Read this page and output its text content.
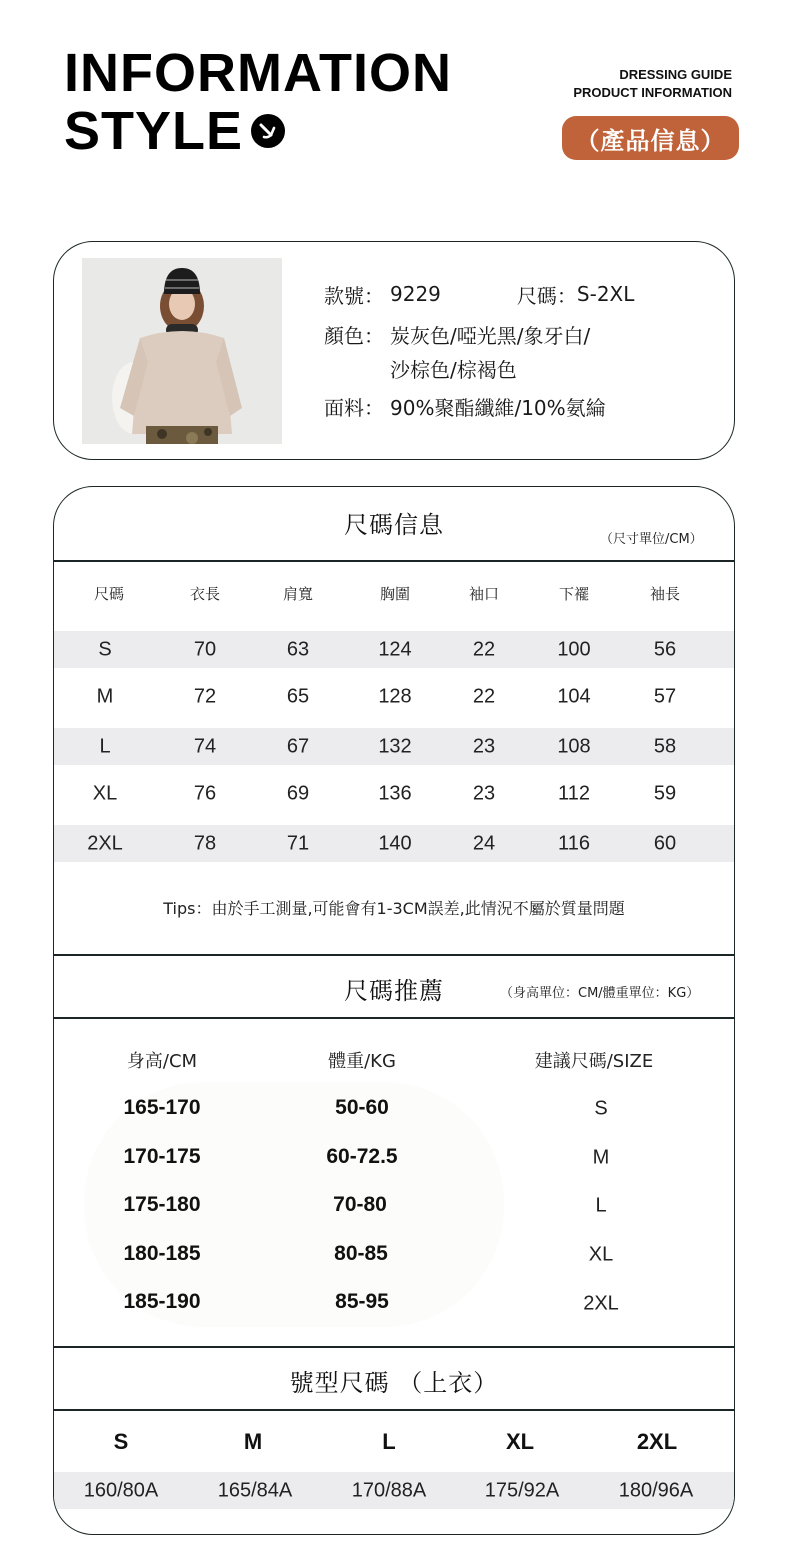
INFORMATION
STYLE
DRESSING GUIDE
PRODUCT INFORMATION
（產品信息）
款號： 9229	尺碼： S-2XL
顏色： 炭灰色/啞光黑/象牙白/
沙棕色/棕褐色
面料： 90%聚酯纖維/10%氨綸
尺碼信息
（尺寸單位/CM）
尺碼	衣長	肩寬	胸圍	袖口	下襬	袖長
S	70	63	124	22	100	56
M	72	65	128	22	104	57
L	74	67	132	23	108	58
XL	76	69	136	23	112	59
2XL	78	71	140	24	116	60
Tips：由於手工測量,可能會有1-3CM誤差,此情況不屬於質量問題
尺碼推薦	（身高單位：CM/體重單位：KG）
身高/CM	體重/KG	建議尺碼/SIZE
165-170	50-60	S
170-175	60-72.5	M
175-180	70-80	L
180-185	80-85	XL
185-190	85-95	2XL
號型尺碼 （上衣）
S	M	L	XL	2XL
160/80A	165/84A	170/88A	175/92A	180/96A
